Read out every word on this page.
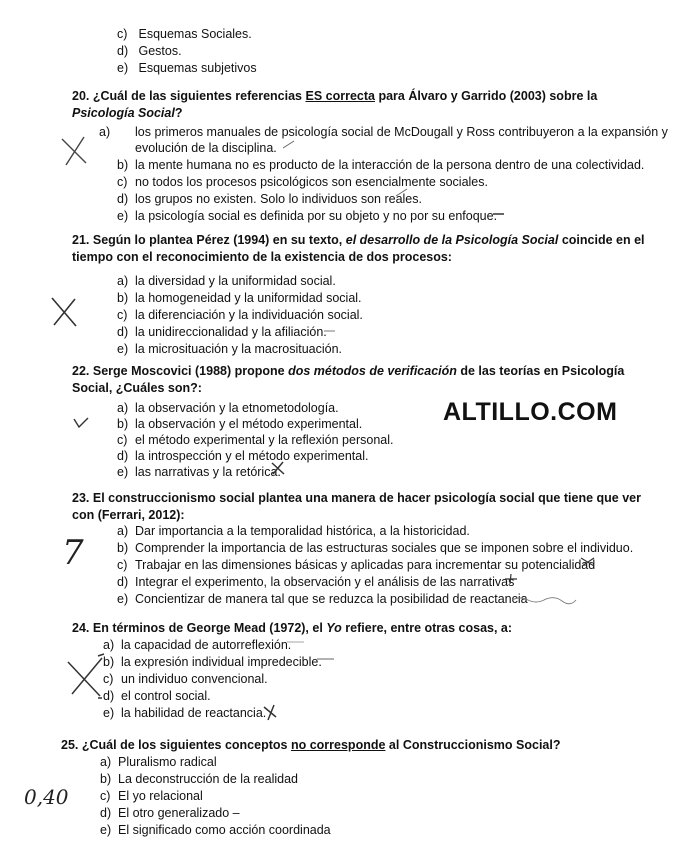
c) Esquemas Sociales.
d) Gestos.
e) Esquemas subjetivos
20. ¿Cuál de las siguientes referencias ES correcta para Álvaro y Garrido (2003) sobre la Psicología Social?
a) los primeros manuales de psicología social de McDougall y Ross contribuyeron a la expansión y evolución de la disciplina.
b) la mente humana no es producto de la interacción de la persona dentro de una colectividad.
c) no todos los procesos psicológicos son esencialmente sociales.
d) los grupos no existen. Solo lo individuos son reales.
e) la psicología social es definida por su objeto y no por su enfoque.
21. Según lo plantea Pérez (1994) en su texto, el desarrollo de la Psicología Social coincide en el tiempo con el reconocimiento de la existencia de dos procesos:
a) la diversidad y la uniformidad social.
b) la homogeneidad y la uniformidad social.
c) la diferenciación y la individuación social.
d) la unidireccionalidad y la afiliación.
e) la microsituación y la macrosituación.
22. Serge Moscovici (1988) propone dos métodos de verificación de las teorías en Psicología Social, ¿Cuáles son?:
a) la observación y la etnometodología.
b) la observación y el método experimental.
c) el método experimental y la reflexión personal.
d) la introspección y el método experimental.
e) las narrativas y la retórica.
ALTILLO.COM
23. El construccionismo social plantea una manera de hacer psicología social que tiene que ver con (Ferrari, 2012):
a) Dar importancia a la temporalidad histórica, a la historicidad.
b) Comprender la importancia de las estructuras sociales que se imponen sobre el individuo.
c) Trabajar en las dimensiones básicas y aplicadas para incrementar su potencialidad
d) Integrar el experimento, la observación y el análisis de las narrativas
e) Concientizar de manera tal que se reduzca la posibilidad de reactancia
7
24. En términos de George Mead (1972), el Yo refiere, entre otras cosas, a:
a) la capacidad de autorreflexión.
b) la expresión individual impredecible.
c) un individuo convencional.
d) el control social.
e) la habilidad de reactancia.
25. ¿Cuál de los siguientes conceptos no corresponde al Construccionismo Social?
a) Pluralismo radical
b) La deconstrucción de la realidad
c) El yo relacional
d) El otro generalizado –
e) El significado como acción coordinada
0,40
